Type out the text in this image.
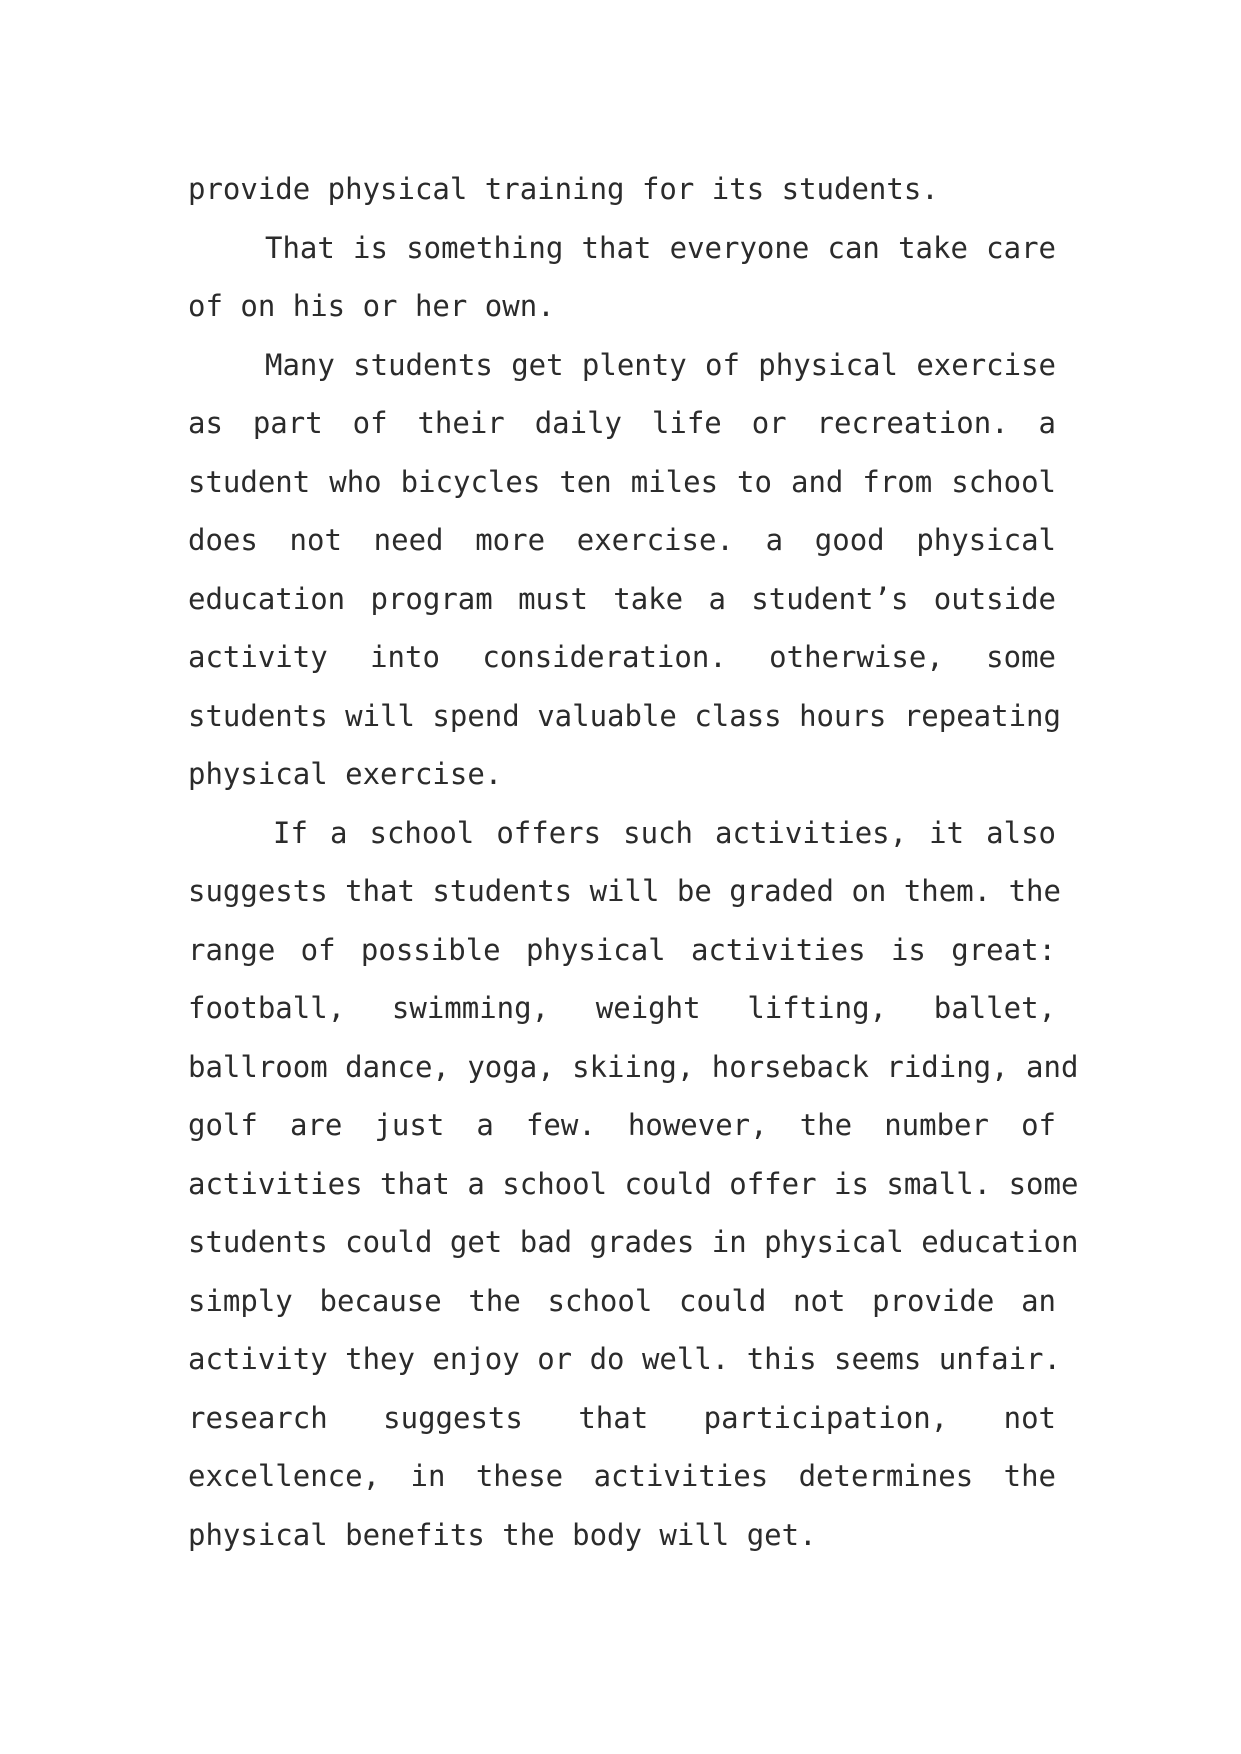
provide physical training for its students.
That is something that everyone can take care
of on his or her own.
Many students get plenty of physical exercise
as part of their daily life or recreation. a
student who bicycles ten miles to and from school
does not need more exercise. a good physical
education program must take a student’s outside
activity into consideration. otherwise, some
students will spend valuable class hours repeating
physical exercise.
If a school offers such activities, it also
suggests that students will be graded on them. the
range of possible physical activities is great:
football, swimming, weight lifting, ballet,
ballroom dance, yoga, skiing, horseback riding, and
golf are just a few. however, the number of
activities that a school could offer is small. some
students could get bad grades in physical education
simply because the school could not provide an
activity they enjoy or do well. this seems unfair.
research suggests that participation, not
excellence, in these activities determines the
physical benefits the body will get.
